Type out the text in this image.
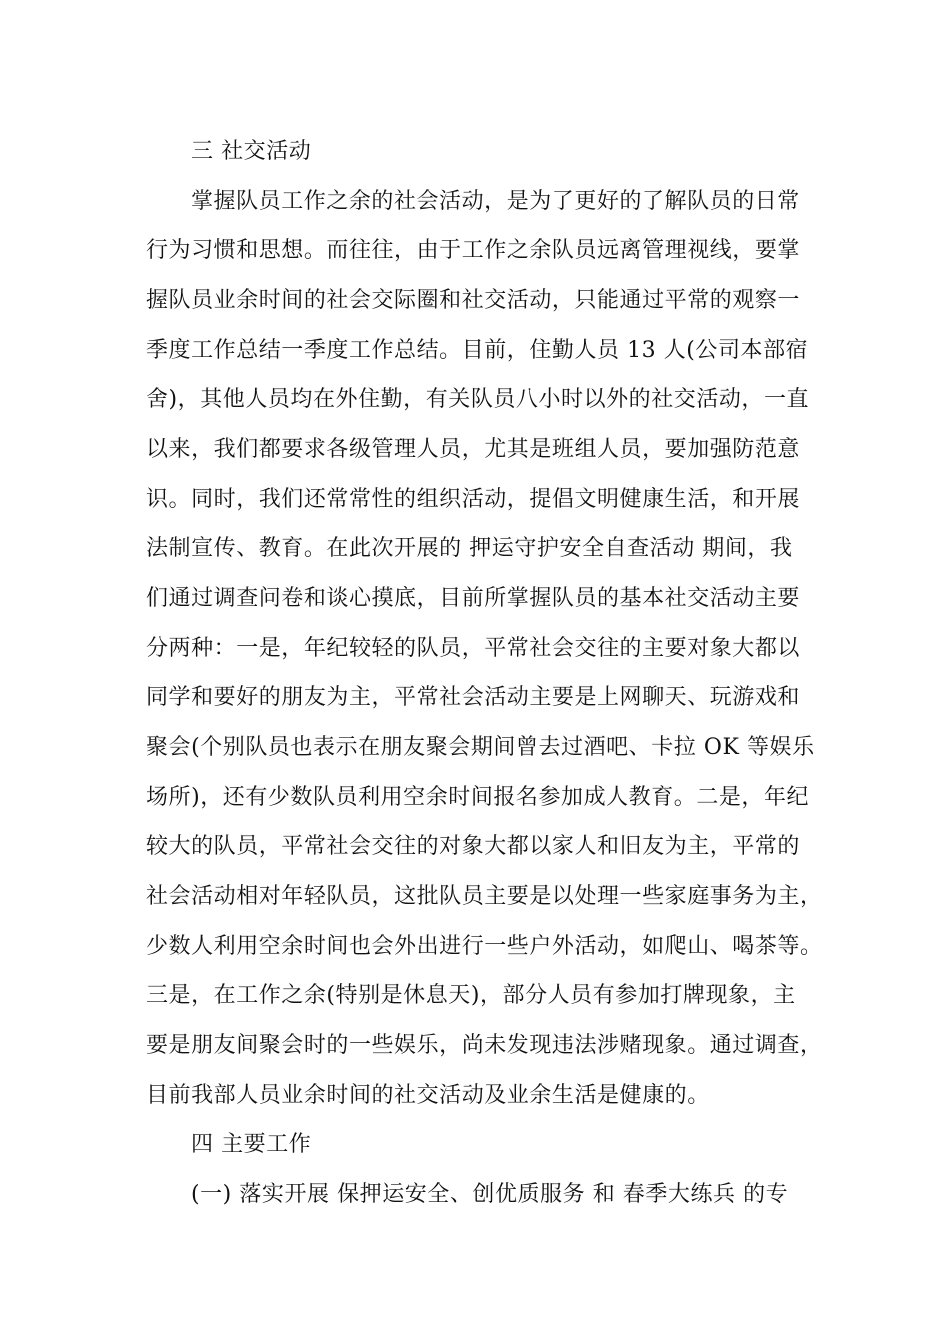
三 社交活动
掌握队员工作之余的社会活动，是为了更好的了解队员的日常
行为习惯和思想。而往往，由于工作之余队员远离管理视线，要掌
握队员业余时间的社会交际圈和社交活动，只能通过平常的观察一
季度工作总结一季度工作总结。目前，住勤人员 13 人(公司本部宿
舍)，其他人员均在外住勤，有关队员八小时以外的社交活动，一直
以来，我们都要求各级管理人员，尤其是班组人员，要加强防范意
识。同时，我们还常常性的组织活动，提倡文明健康生活，和开展
法制宣传、教育。在此次开展的 押运守护安全自查活动 期间，我
们通过调查问卷和谈心摸底，目前所掌握队员的基本社交活动主要
分两种：一是，年纪较轻的队员，平常社会交往的主要对象大都以
同学和要好的朋友为主，平常社会活动主要是上网聊天、玩游戏和
聚会(个别队员也表示在朋友聚会期间曾去过酒吧、卡拉 OK 等娱乐
场所)，还有少数队员利用空余时间报名参加成人教育。二是，年纪
较大的队员，平常社会交往的对象大都以家人和旧友为主，平常的
社会活动相对年轻队员，这批队员主要是以处理一些家庭事务为主，
少数人利用空余时间也会外出进行一些户外活动，如爬山、喝茶等。
三是，在工作之余(特别是休息天)，部分人员有参加打牌现象，主
要是朋友间聚会时的一些娱乐，尚未发现违法涉赌现象。通过调查，
目前我部人员业余时间的社交活动及业余生活是健康的。
四 主要工作
(一) 落实开展 保押运安全、创优质服务 和 春季大练兵 的专
